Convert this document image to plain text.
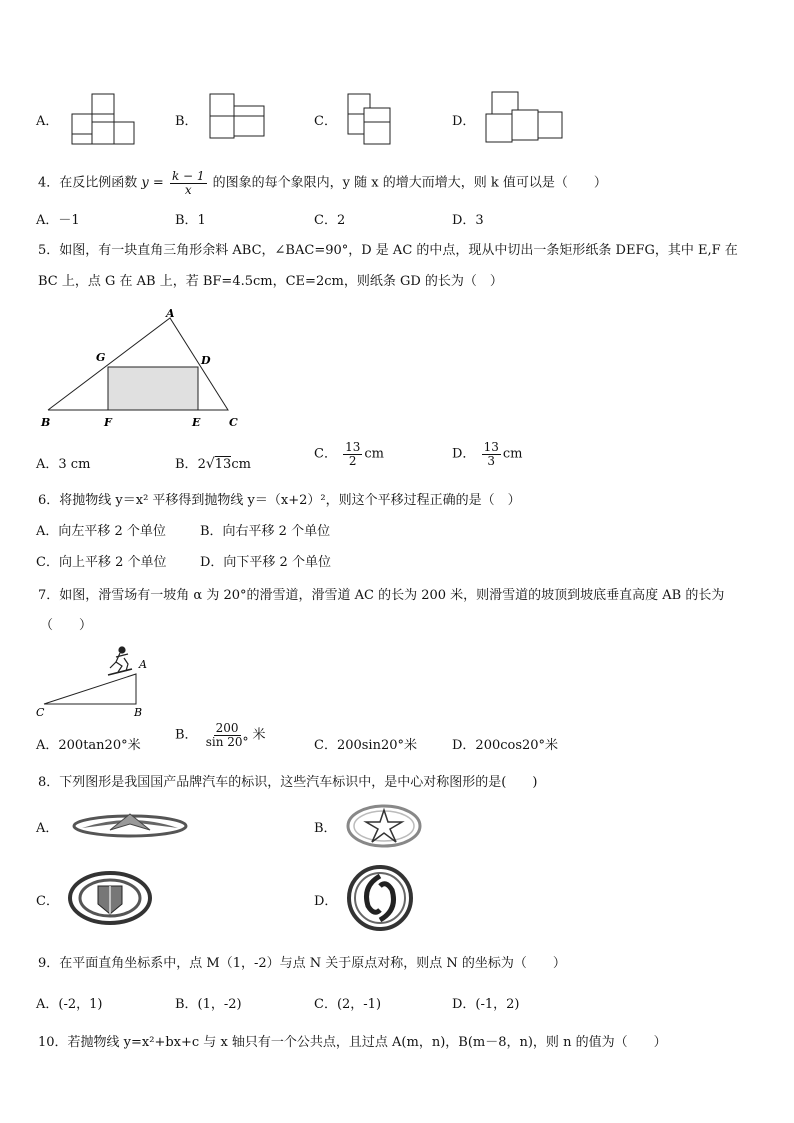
A．	B．	C．	D．
4．在反比例函数 $y = \frac{k - 1}{x}$ 的图象的每个象限内，y 随 x 的增大而增大，则 k 值可以是（　　）
A．－1	B．1	C．2	D．3
5．如图，有一块直角三角形余料 ABC，∠BAC=90°，D 是 AC 的中点，现从中切出一条矩形纸条 DEFG，其中 E,F 在
BC 上，点 G 在 AB 上，若 BF=4.5cm，CE=2cm，则纸条 GD 的长为（　）
A
G	D
B	F	E	C
A．3 cm	B．2√13cm
C． $\frac{13}{2}$ cm	D． $\frac{13}{3}$ cm
6．将抛物线 y＝x² 平移得到抛物线 y＝（x+2）²，则这个平移过程正确的是（　）
A．向左平移 2 个单位	B．向右平移 2 个单位
C．向上平移 2 个单位	D．向下平移 2 个单位
7．如图，滑雪场有一坡角 α 为 20°的滑雪道，滑雪道 AC 的长为 200 米，则滑雪道的坡顶到坡底垂直高度 AB 的长为
（　　）
A
C	B
A．200tan20°米
B． $\frac{200}{\sin 20^\circ}$ 米
C．200sin20°米	D．200cos20°米
8．下列图形是我国国产品牌汽车的标识，这些汽车标识中，是中心对称图形的是(　　)
A．	B．
C．	D．
9．在平面直角坐标系中，点 M（1，-2）与点 N 关于原点对称，则点 N 的坐标为（　　）
A．(-2，1)	B．(1，-2)	C．(2，-1)	D．(-1，2)
10．若抛物线 y=x²+bx+c 与 x 轴只有一个公共点，且过点 A(m，n)，B(m－8，n)，则 n 的值为（　　）
